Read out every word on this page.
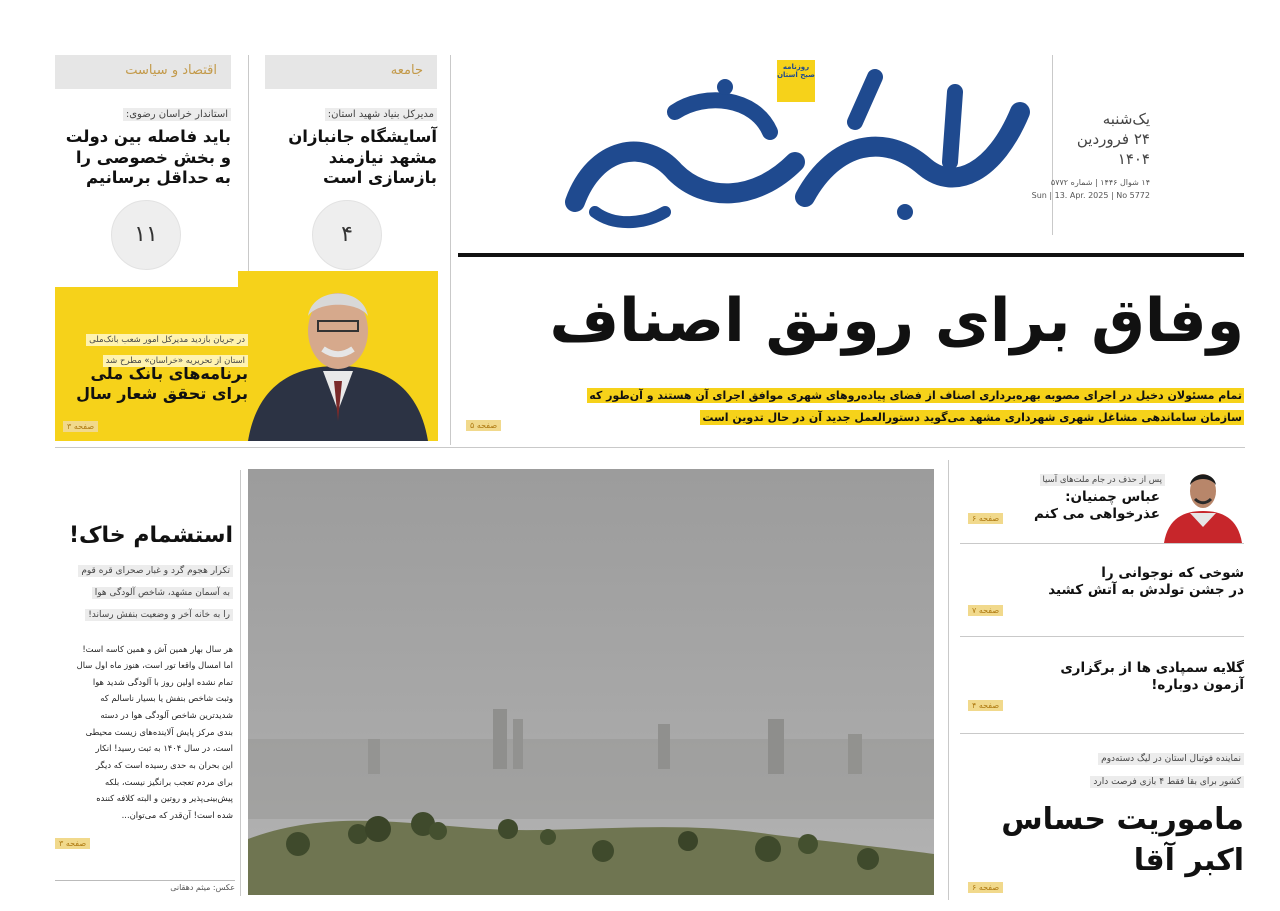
اقتصاد و سیاست
استاندار خراسان رضوی:
باید فاصله بین دولت
و بخش خصوصی را
به حداقل برسانیم
۱۱
جامعه
مدیرکل بنیاد شهید استان:
آسایشگاه جانبازان
مشهد نیازمند
بازسازی است
۴
روزنامه صبح استان
یک‌شنبه
۲۴ فروردین
۱۴۰۴
۱۴ شوال ۱۴۴۶ | شماره ۵۷۷۲
Sun | 13. Apr. 2025 | No 5772
در جریان بازدید مدیرکل امور شعب بانک‌ملی
استان از تحریریه «خراسان» مطرح شد
برنامه‌های بانک ملی
برای تحقق شعار سال
صفحه ۳
وفاق برای رونق اصناف
تمام مسئولان دخیل در اجرای مصوبه بهره‌برداری اصناف از فضای پیاده‌روهای شهری موافق اجرای آن هستند و آن‌طور که
سازمان ساماندهی مشاغل شهری شهرداری مشهد می‌گوید دستورالعمل جدید آن در حال تدوین است
صفحه ۵
استشمام خاک!
تکرار هجوم گرد و غبار صحرای قره قوم
به آسمان مشهد، شاخص آلودگی هوا
را به خانه آخر و وضعیت بنفش رساند!
هر سال بهار همین آش و همین کاسه است!
اما امسال واقعا تور است، هنوز ماه اول سال
تمام نشده اولین روز با آلودگی شدید هوا
وثبت شاخص بنفش یا بسیار ناسالم که
شدیدترین شاخص آلودگی هوا در دسته
بندی مرکز پایش آلاینده‌های زیست‌ محیطی
است، در سال ۱۴۰۴ به ثبت رسید! انکار
این بحران به حدی رسیده است که دیگر
برای مردم تعجب برانگیز نیست، بلکه
پیش‌بینی‌پذیر و روتین و البته کلافه کننده
شده است! آن‌قدر که می‌توان...
صفحه ۳
عکس: میثم دهقانی
پس از حذف در جام ملت‌های آسیا
عباس چمنیان:
عذرخواهی می کنم
صفحه ۶
شوخی که نوجوانی را
در جشن تولدش به آتش کشید
صفحه ۷
گلایه سمپادی ها از برگزاری
آزمون دوباره!
صفحه ۴
نماینده فوتبال استان در لیگ دسته‌دوم
کشور برای بقا فقط ۴ بازی فرصت دارد
ماموریت حساس
اکبر آقا
صفحه ۶
